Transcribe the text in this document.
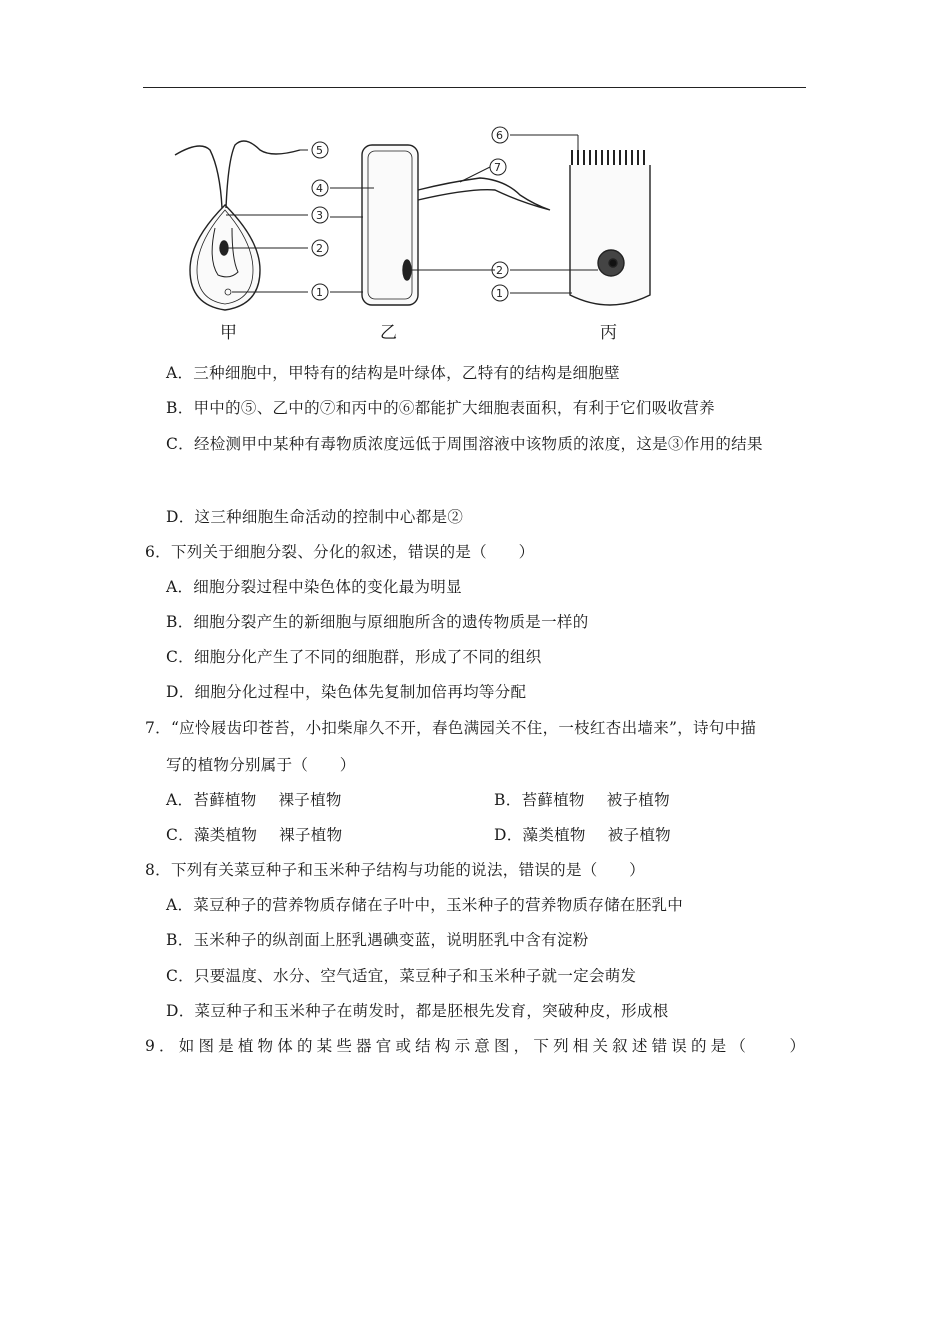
5
4
3
2
1
6
7
2
1
甲	乙	丙
A．三种细胞中，甲特有的结构是叶绿体，乙特有的结构是细胞壁
B．甲中的⑤、乙中的⑦和丙中的⑥都能扩大细胞表面积，有利于它们吸收营养
C．经检测甲中某种有毒物质浓度远低于周围溶液中该物质的浓度，这是③作用的结果
D．这三种细胞生命活动的控制中心都是②
6．下列关于细胞分裂、分化的叙述，错误的是（　　）
A．细胞分裂过程中染色体的变化最为明显
B．细胞分裂产生的新细胞与原细胞所含的遗传物质是一样的
C．细胞分化产生了不同的细胞群，形成了不同的组织
D．细胞分化过程中，染色体先复制加倍再均等分配
7．“应怜屐齿印苍苔，小扣柴扉久不开，春色满园关不住，一枝红杏出墙来”，诗句中描
写的植物分别属于（　　）
A．苔藓植物 裸子植物	B．苔藓植物 被子植物
C．藻类植物 裸子植物	D．藻类植物 被子植物
8．下列有关菜豆种子和玉米种子结构与功能的说法，错误的是（　　）
A．菜豆种子的营养物质存储在子叶中，玉米种子的营养物质存储在胚乳中
B．玉米种子的纵剖面上胚乳遇碘变蓝，说明胚乳中含有淀粉
C．只要温度、水分、空气适宜，菜豆种子和玉米种子就一定会萌发
D．菜豆种子和玉米种子在萌发时，都是胚根先发育，突破种皮，形成根
9．如图是植物体的某些器官或结构示意图，下列相关叙述错误的是（　　）
